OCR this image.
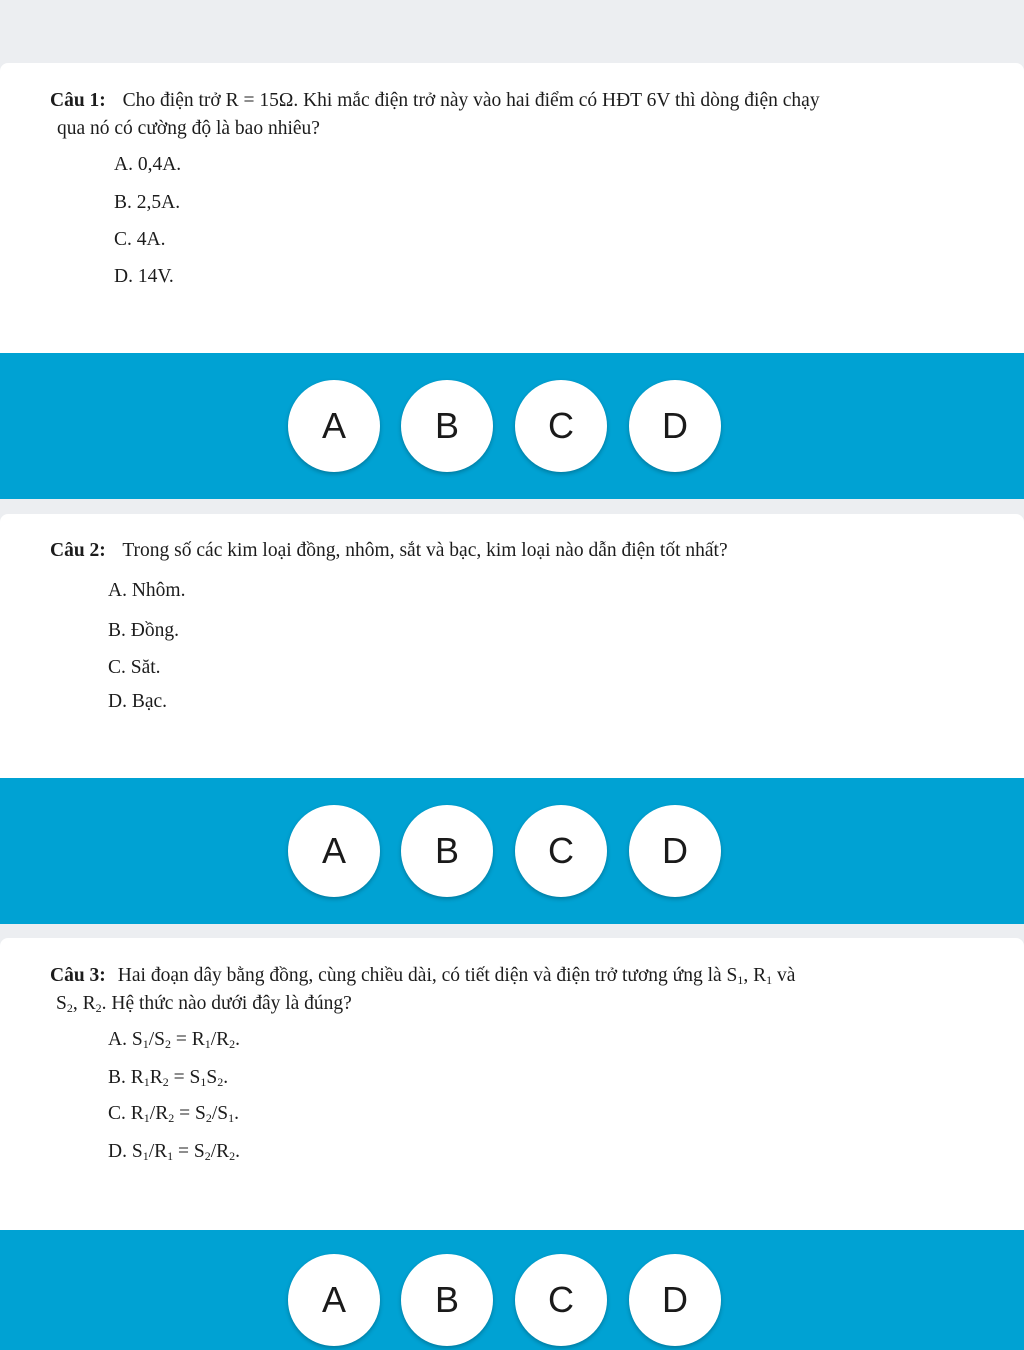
Câu 1: Cho điện trở R = 15Ω. Khi mắc điện trở này vào hai điểm có HĐT 6V thì dòng điện chạy
qua nó có cường độ là bao nhiêu?
A. 0,4A.
B. 2,5A.
C. 4A.
D. 14V.
A	B	C	D
Câu 2: Trong số các kim loại đồng, nhôm, sắt và bạc, kim loại nào dẫn điện tốt nhất?
A. Nhôm.
B. Đồng.
C. Săt.
D. Bạc.
A	B	C	D
Câu 3: Hai đoạn dây bằng đồng, cùng chiều dài, có tiết diện và điện trở tương ứng là $S_1$, $R_1$ và
$S_2$, $R_2$. Hệ thức nào dưới đây là đúng?
A. $S_1/S_2 = R_1/R_2$.
B. $R_1R_2 = S_1S_2$.
C. $R_1/R_2 = S_2/S_1$.
D. $S_1/R_1 = S_2/R_2$.
A	B	C	D
